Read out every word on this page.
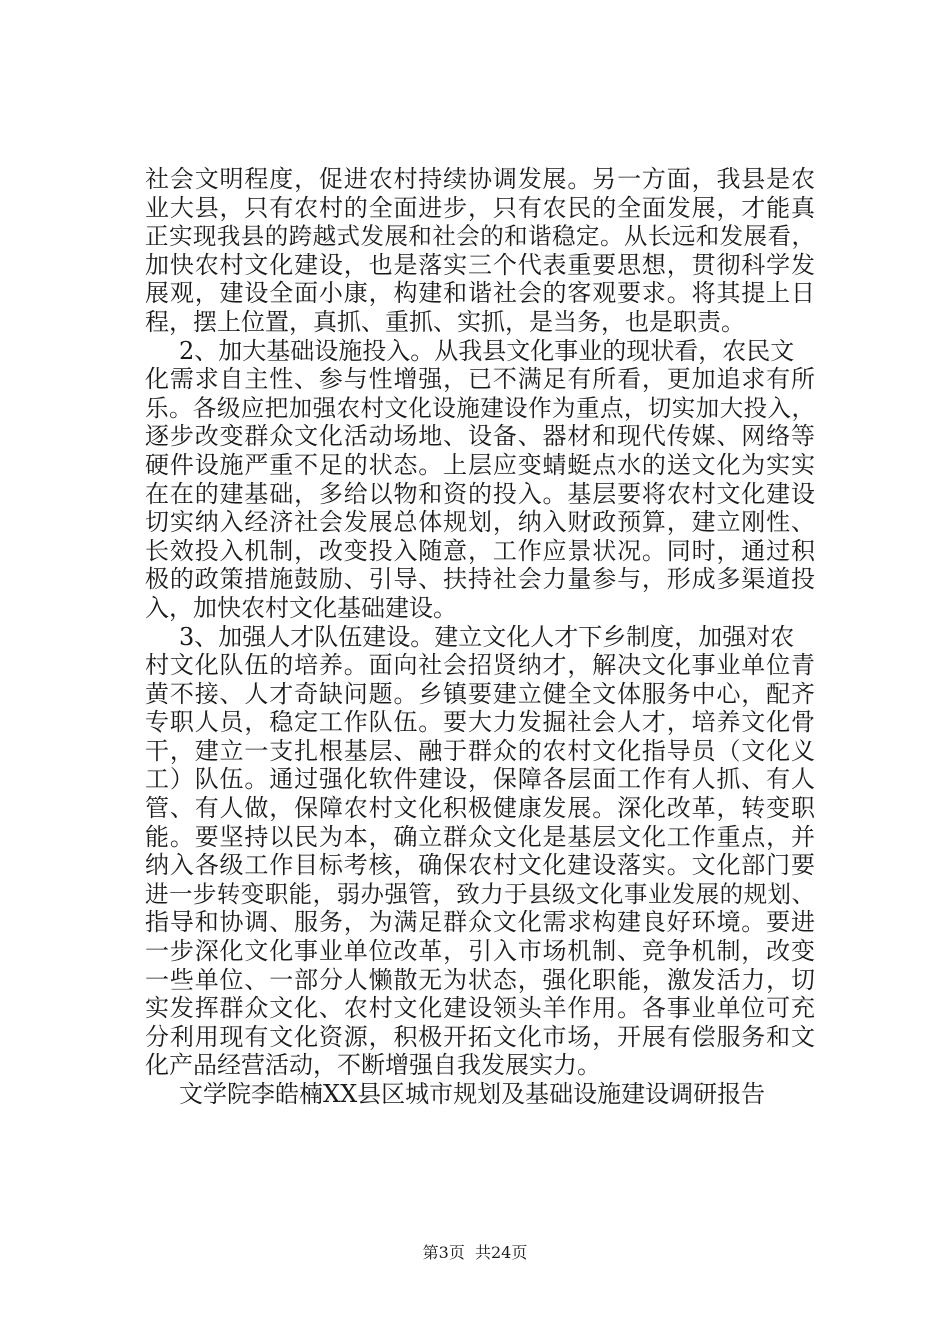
社会文明程度，促进农村持续协调发展。另一方面，我县是农
业大县，只有农村的全面进步，只有农民的全面发展，才能真
正实现我县的跨越式发展和社会的和谐稳定。从长远和发展看，
加快农村文化建设，也是落实三个代表重要思想，贯彻科学发
展观，建设全面小康，构建和谐社会的客观要求。将其提上日
程，摆上位置，真抓、重抓、实抓，是当务，也是职责。
2、加大基础设施投入。从我县文化事业的现状看，农民文
化需求自主性、参与性增强，已不满足有所看，更加追求有所
乐。各级应把加强农村文化设施建设作为重点，切实加大投入，
逐步改变群众文化活动场地、设备、器材和现代传媒、网络等
硬件设施严重不足的状态。上层应变蜻蜓点水的送文化为实实
在在的建基础，多给以物和资的投入。基层要将农村文化建设
切实纳入经济社会发展总体规划，纳入财政预算，建立刚性、
长效投入机制，改变投入随意，工作应景状况。同时，通过积
极的政策措施鼓励、引导、扶持社会力量参与，形成多渠道投
入，加快农村文化基础建设。
3、加强人才队伍建设。建立文化人才下乡制度，加强对农
村文化队伍的培养。面向社会招贤纳才，解决文化事业单位青
黄不接、人才奇缺问题。乡镇要建立健全文体服务中心，配齐
专职人员，稳定工作队伍。要大力发掘社会人才，培养文化骨
干，建立一支扎根基层、融于群众的农村文化指导员（文化义
工）队伍。通过强化软件建设，保障各层面工作有人抓、有人
管、有人做，保障农村文化积极健康发展。深化改革，转变职
能。要坚持以民为本，确立群众文化是基层文化工作重点，并
纳入各级工作目标考核，确保农村文化建设落实。文化部门要
进一步转变职能，弱办强管，致力于县级文化事业发展的规划、
指导和协调、服务，为满足群众文化需求构建良好环境。要进
一步深化文化事业单位改革，引入市场机制、竞争机制，改变
一些单位、一部分人懒散无为状态，强化职能，激发活力，切
实发挥群众文化、农村文化建设领头羊作用。各事业单位可充
分利用现有文化资源，积极开拓文化市场，开展有偿服务和文
化产品经营活动，不断增强自我发展实力。
文学院李皓楠XX县区城市规划及基础设施建设调研报告
第3页  共24页
